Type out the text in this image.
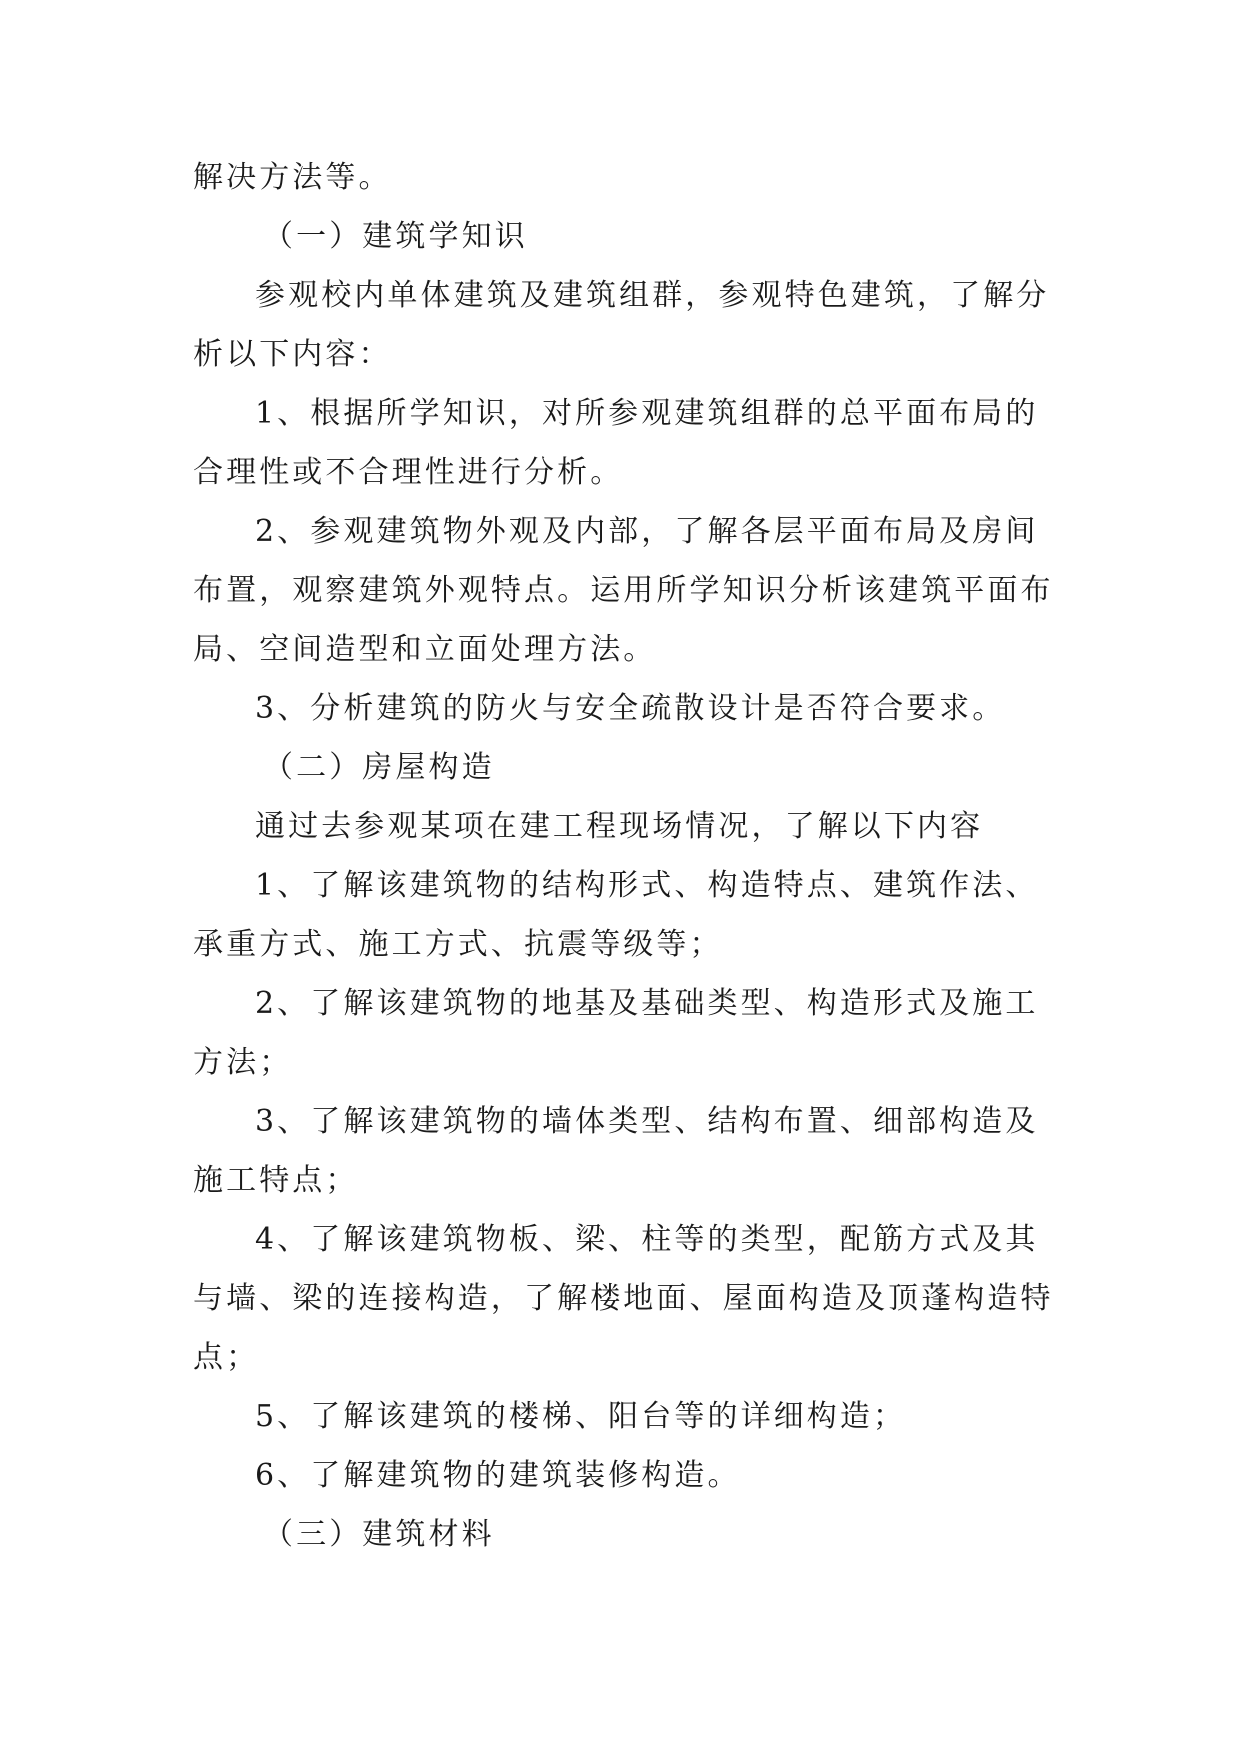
解决方法等。
（一）建筑学知识
参观校内单体建筑及建筑组群，参观特色建筑，了解分
析以下内容：
1、根据所学知识，对所参观建筑组群的总平面布局的
合理性或不合理性进行分析。
2、参观建筑物外观及内部，了解各层平面布局及房间
布置，观察建筑外观特点。运用所学知识分析该建筑平面布
局、空间造型和立面处理方法。
3、分析建筑的防火与安全疏散设计是否符合要求。
（二）房屋构造
通过去参观某项在建工程现场情况，了解以下内容
1、了解该建筑物的结构形式、构造特点、建筑作法、
承重方式、施工方式、抗震等级等；
2、了解该建筑物的地基及基础类型、构造形式及施工
方法；
3、了解该建筑物的墙体类型、结构布置、细部构造及
施工特点；
4、了解该建筑物板、梁、柱等的类型，配筋方式及其
与墙、梁的连接构造，了解楼地面、屋面构造及顶蓬构造特
点；
5、了解该建筑的楼梯、阳台等的详细构造；
6、了解建筑物的建筑装修构造。
（三）建筑材料
